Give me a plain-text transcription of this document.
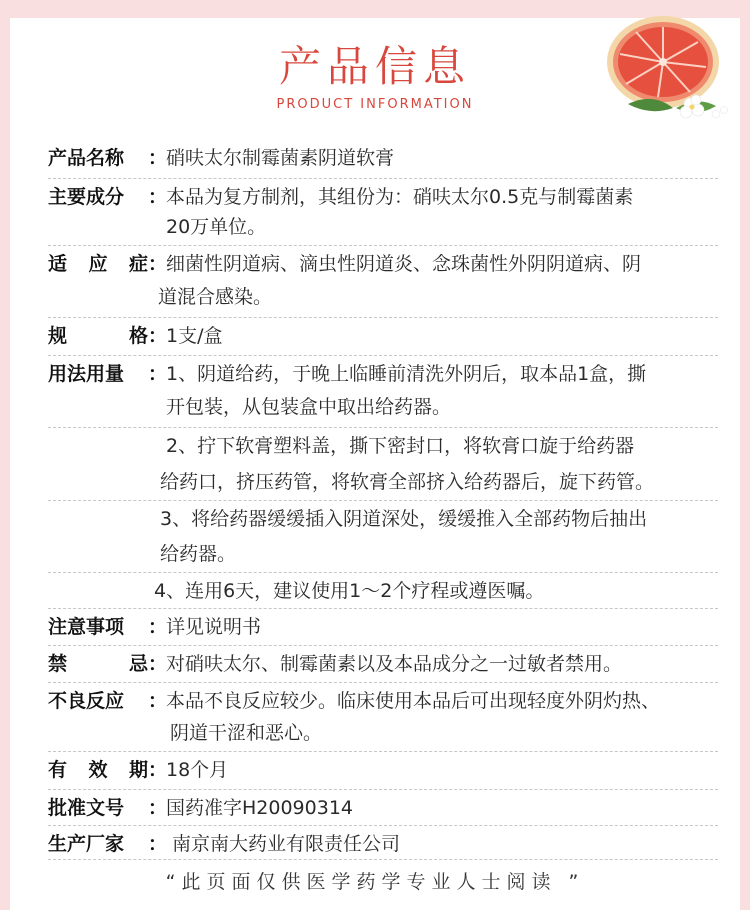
产品信息
PRODUCT INFORMATION
产品名称	：
硝呋太尔制霉菌素阴道软膏
主要成分	：
本品为复方制剂，其组份为：硝呋太尔0.5克与制霉菌素
20万单位。
适 应 症 ：
细菌性阴道病、滴虫性阴道炎、念珠菌性外阴阴道病、阴
道混合感染。
规	格 ：
1支/盒
用法用量	：
1、阴道给药，于晚上临睡前清洗外阴后，取本品1盒，撕
开包装，从包装盒中取出给药器。
2、拧下软膏塑料盖，撕下密封口，将软膏口旋于给药器
给药口，挤压药管，将软膏全部挤入给药器后，旋下药管。
3、将给药器缓缓插入阴道深处，缓缓推入全部药物后抽出
给药器。
4、连用6天，建议使用1～2个疗程或遵医嘱。
注意事项	：
详见说明书
禁	忌 ：
对硝呋太尔、制霉菌素以及本品成分之一过敏者禁用。
不良反应	：
本品不良反应较少。临床使用本品后可出现轻度外阴灼热、
阴道干涩和恶心。
有 效 期 ：
18个月
批准文号	：
国药准字H20090314
生产厂家	： 南京南大药业有限责任公司
“此页面仅供医学药学专业人士阅读 ”
